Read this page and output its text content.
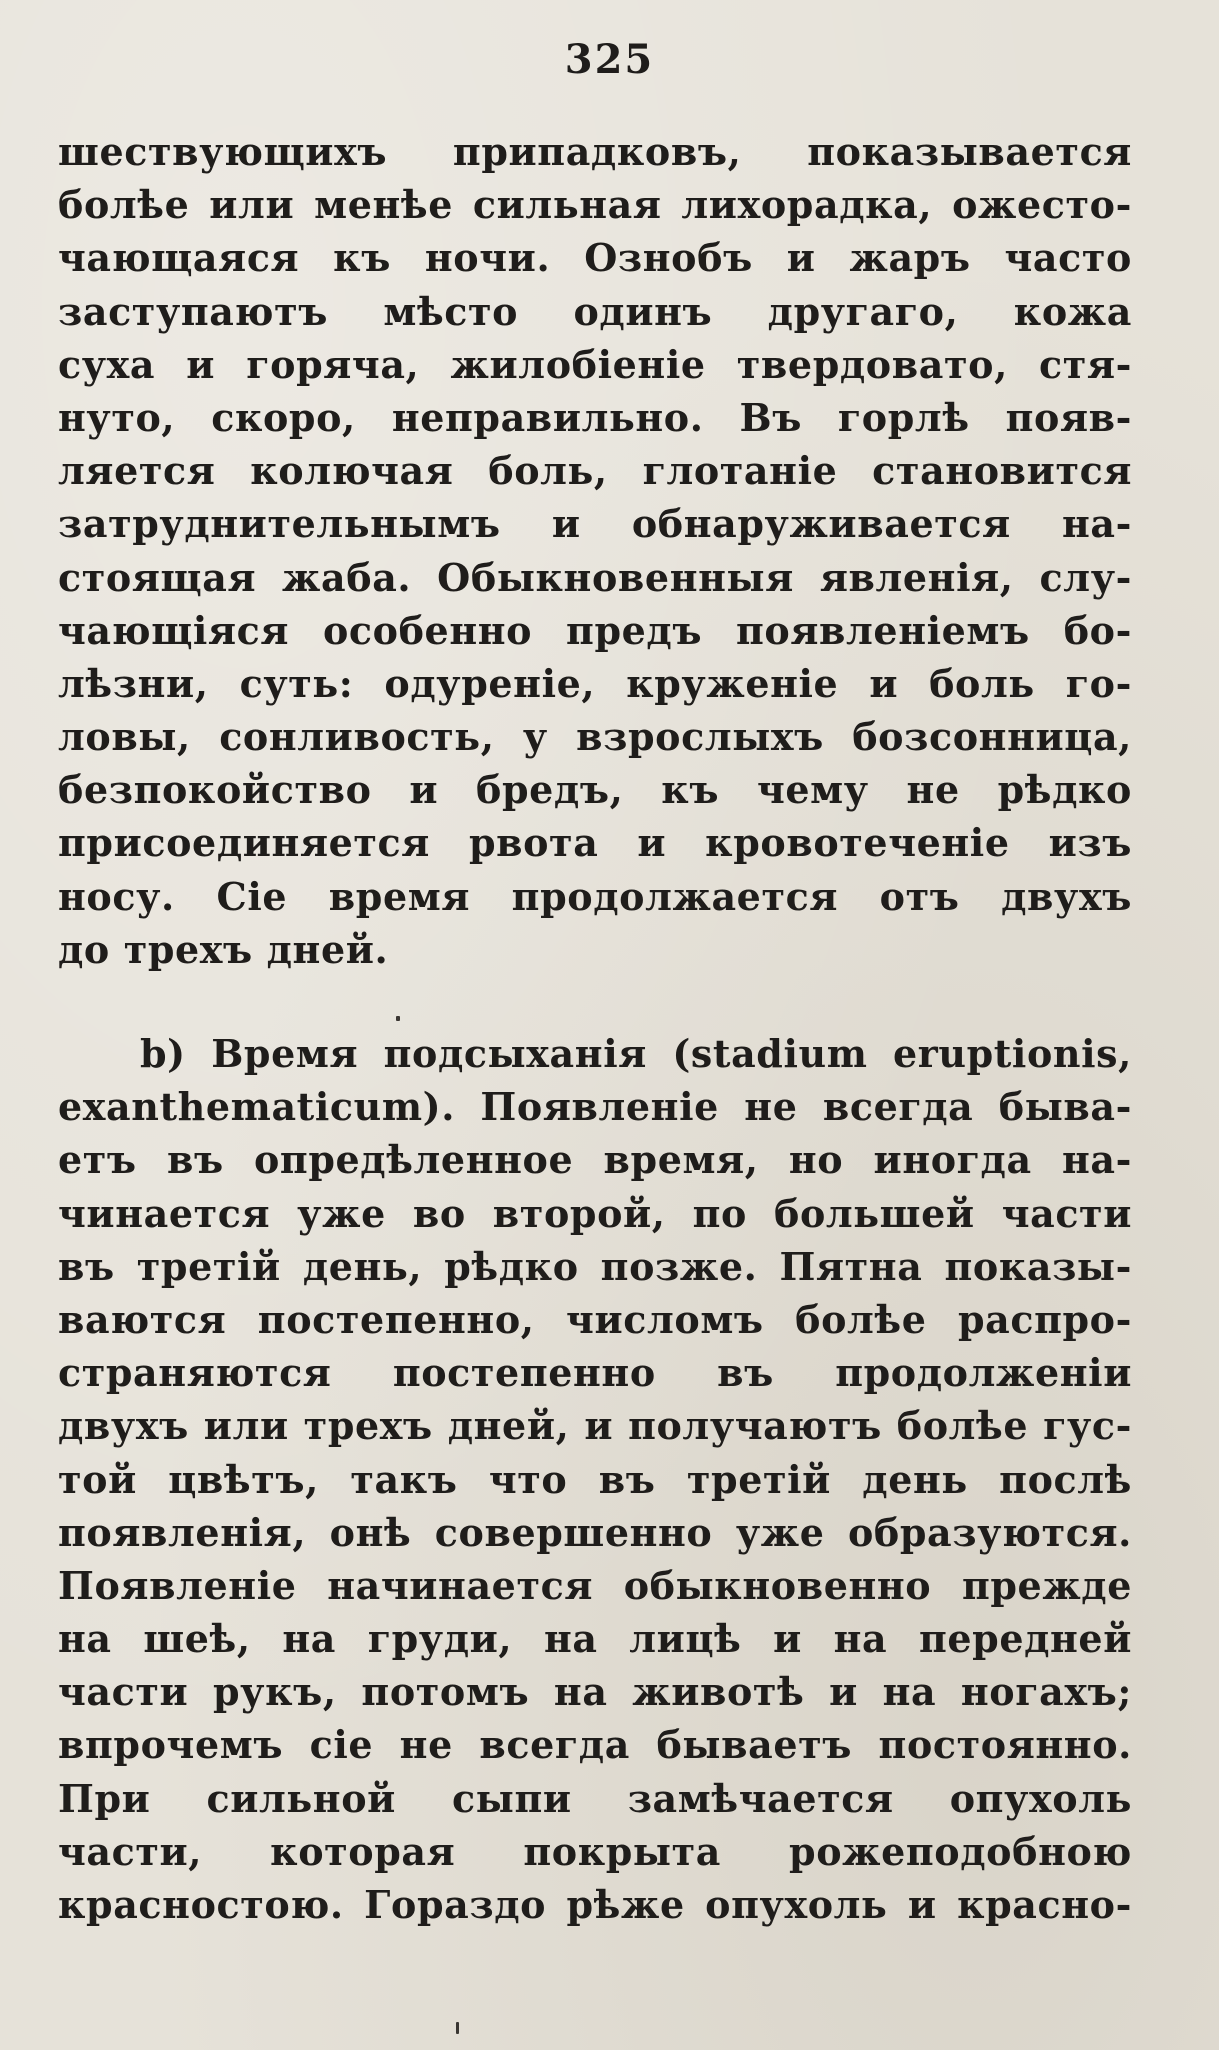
325

шествующихъ припадковъ, показывается
болѣе или менѣе сильная лихорадка, ожесто-
чающаяся къ ночи. Ознобъ и жаръ часто
заступаютъ мѣсто одинъ другаго, кожа
суха и горяча, жилобіеніе твердовато, стя-
нуто, скоро, неправильно. Въ горлѣ появ-
ляется колючая боль, глотаніе становится
затруднительнымъ и обнаруживается на-
стоящая жаба. Обыкновенныя явленія, слу-
чающіяся особенно предъ появленіемъ бо-
лѣзни, суть: одуреніе, круженіе и боль го-
ловы, сонливость, у взрослыхъ бозсонница,
безпокойство и бредъ, къ чему не рѣдко
присоединяется рвота и кровотеченіе изъ
носу. Сіе время продолжается отъ двухъ
до трехъ дней.
b) Время подсыханія (stadium eruptionis,
exanthematicum). Появленіе не всегда быва-
етъ въ опредѣленное время, но иногда на-
чинается уже во второй, по большей части
въ третій день, рѣдко позже. Пятна показы-
ваются постепенно, числомъ болѣе распро-
страняются постепенно въ продолженіи
двухъ или трехъ дней, и получаютъ болѣе гус-
той цвѣтъ, такъ что въ третій день послѣ
появленія, онѣ совершенно уже образуются.
Появленіе начинается обыкновенно прежде
на шеѣ, на груди, на лицѣ и на передней
части рукъ, потомъ на животѣ и на ногахъ;
впрочемъ сіе не всегда бываетъ постоянно.
При сильной сыпи замѣчается опухоль
части, которая покрыта рожеподобною
красностою. Гораздо рѣже опухоль и красно-
